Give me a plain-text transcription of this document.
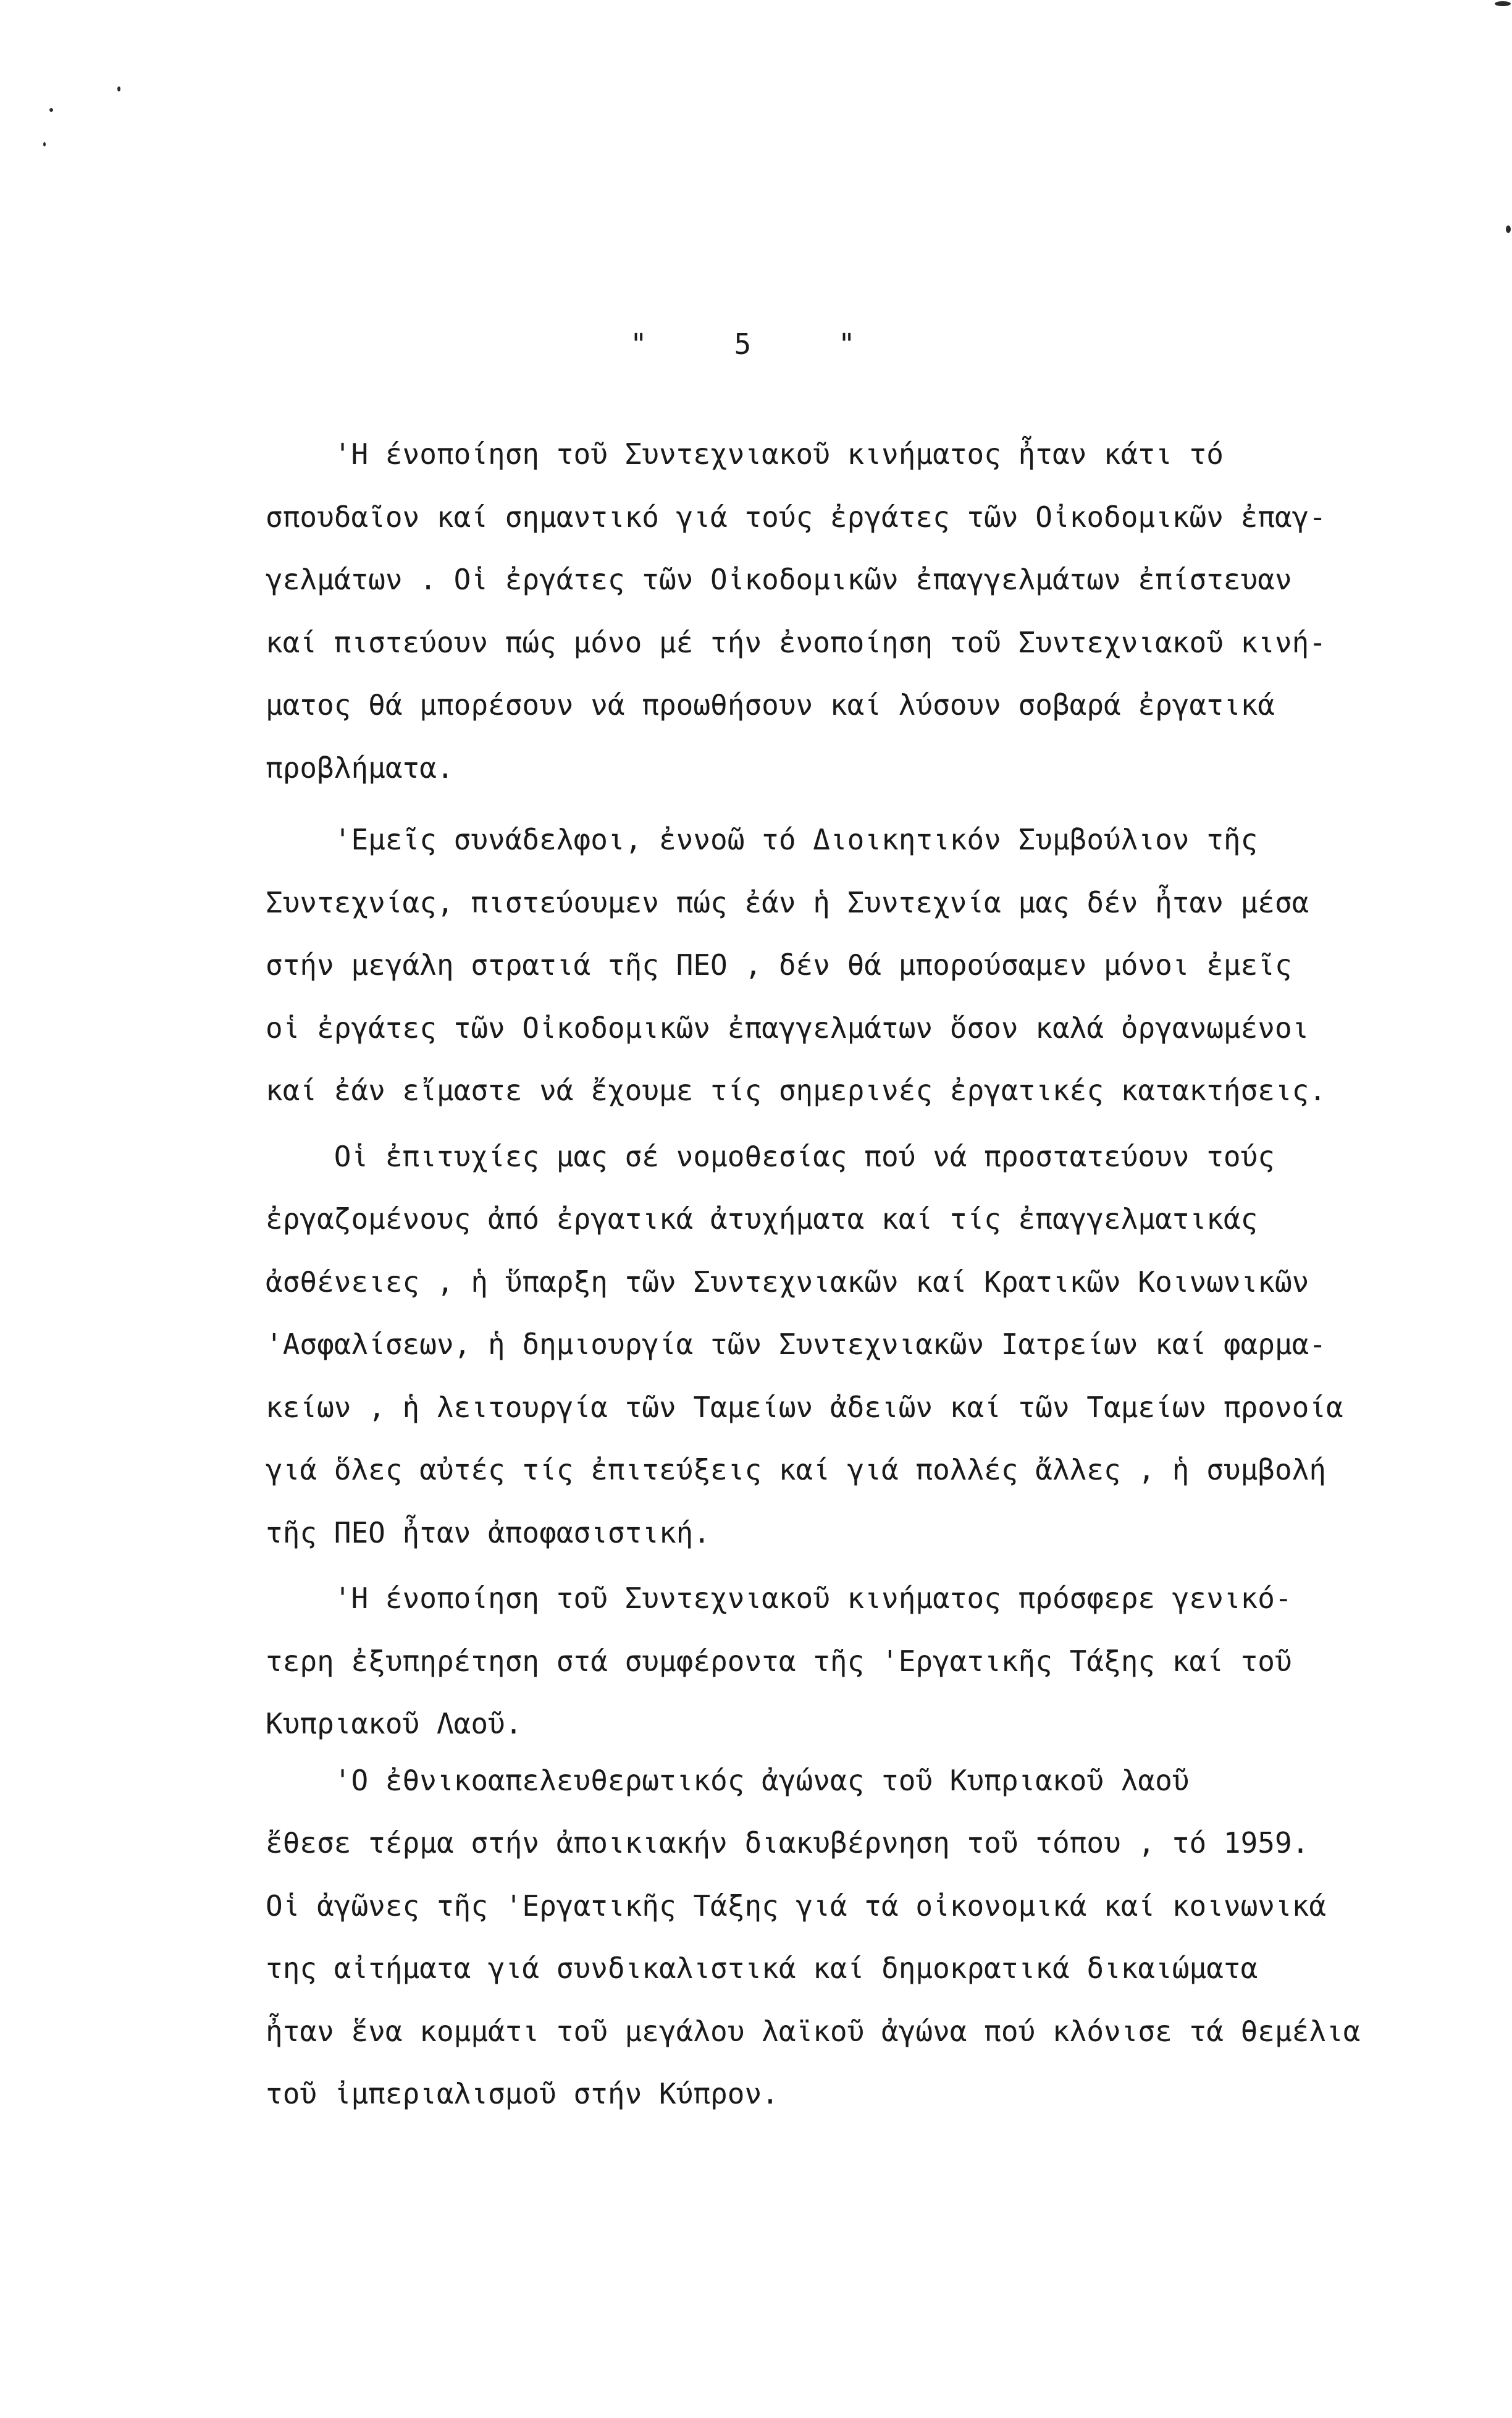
"    5    "
'Η ένοποίηση τοῦ Συντεχνιακοῦ κινήματος ἦταν κάτι τό
σπουδαῖον καί σημαντικό γιά τούς ἐργάτες τῶν Οἰκοδομικῶν ἐπαγ-
γελμάτων . Οἱ ἐργάτες τῶν Οἰκοδομικῶν ἐπαγγελμάτων ἐπίστευαν
καί πιστεύουν πώς μόνο μέ τήν ἐνοποίηση τοῦ Συντεχνιακοῦ κινή-
ματος θά μπορέσουν νά προωθήσουν καί λύσουν σοβαρά ἐργατικά
προβλήματα.
'Εμεῖς συνάδελφοι, ἐννοῶ τό Διοικητικόν Συμβούλιον τῆς
Συντεχνίας, πιστεύουμεν πώς ἐάν ἡ Συντεχνία μας δέν ἦταν μέσα
στήν μεγάλη στρατιά τῆς ΠΕΟ , δέν θά μπορούσαμεν μόνοι ἐμεῖς
οἱ ἐργάτες τῶν Οἰκοδομικῶν ἐπαγγελμάτων ὅσον καλά ὀργανωμένοι
καί ἐάν εἴμαστε νά ἔχουμε τίς σημερινές ἐργατικές κατακτήσεις.
Οἱ ἐπιτυχίες μας σέ νομοθεσίας πού νά προστατεύουν τούς
ἐργαζομένους ἀπό ἐργατικά ἀτυχήματα καί τίς ἐπαγγελματικάς
ἀσθένειες , ἡ ὕπαρξη τῶν Συντεχνιακῶν καί Κρατικῶν Κοινωνικῶν
'Ασφαλίσεων, ἡ δημιουργία τῶν Συντεχνιακῶν Ιατρείων καί φαρμα-
κείων , ἡ λειτουργία τῶν Ταμείων ἀδειῶν καί τῶν Ταμείων προνοία
γιά ὅλες αὐτές τίς ἐπιτεύξεις καί γιά πολλές ἄλλες , ἡ συμβολή
τῆς ΠΕΟ ἦταν ἀποφασιστική.
'Η ένοποίηση τοῦ Συντεχνιακοῦ κινήματος πρόσφερε γενικό-
τερη ἐξυπηρέτηση στά συμφέροντα τῆς 'Εργατικῆς Τάξης καί τοῦ
Κυπριακοῦ Λαοῦ.
'Ο ἐθνικοαπελευθερωτικός ἀγώνας τοῦ Κυπριακοῦ λαοῦ
ἔθεσε τέρμα στήν ἀποικιακήν διακυβέρνηση τοῦ τόπου , τό 1959.
Οἱ ἀγῶνες τῆς 'Εργατικῆς Τάξης γιά τά οἰκονομικά καί κοινωνικά
της αἰτήματα γιά συνδικαλιστικά καί δημοκρατικά δικαιώματα
ἦταν ἕνα κομμάτι τοῦ μεγάλου λαϊκοῦ ἀγώνα πού κλόνισε τά θεμέλια
τοῦ ἰμπεριαλισμοῦ στήν Κύπρον.
